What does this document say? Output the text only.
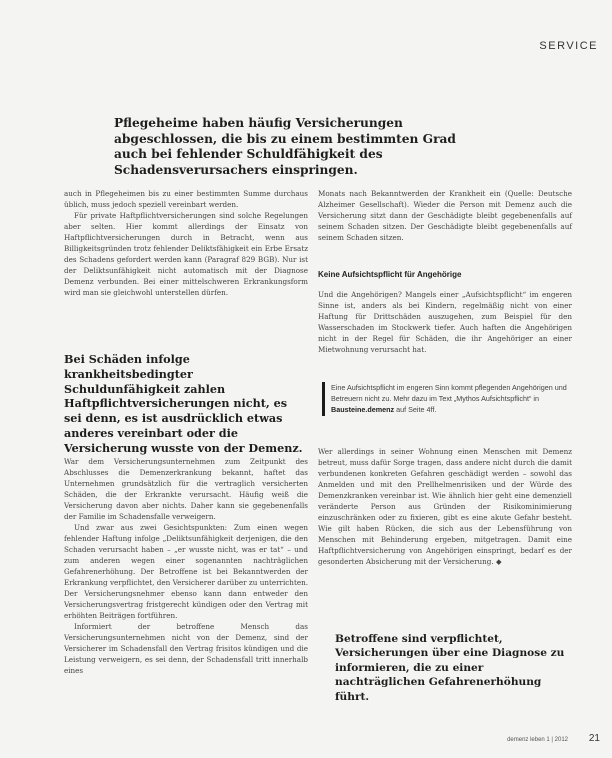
SERVICE
Pflegeheime haben häufig Versicherungen abgeschlossen, die bis zu einem bestimmten Grad auch bei fehlender Schuldfähigkeit des Schadensverursachers einspringen.

auch in Pflegeheimen bis zu einer bestimmten Summe durchaus üblich, muss jedoch speziell vereinbart werden.

Für private Haftpflichtversicherungen sind solche Regelungen aber selten. Hier kommt allerdings der Einsatz von Haftpflichtversicherungen durch in Betracht, wenn aus Billigkeitsgründen trotz fehlender Deliktsfähigkeit ein Erbe Ersatz des Schadens gefordert werden kann (Paragraf 829 BGB). Nur ist der Deliktsunfähigkeit nicht automatisch mit der Diagnose Demenz verbunden. Bei einer mittelschweren Erkrankungsform wird man sie gleichwohl unterstellen dürfen.

Bei Schäden infolge krankheitsbedingter Schuldunfähigkeit zahlen Haftpflichtversicherungen nicht, es sei denn, es ist ausdrücklich etwas anderes vereinbart oder die Versicherung wusste von der Demenz.

War dem Versicherungsunternehmen zum Zeitpunkt des Abschlusses die Demenzerkrankung bekannt, haftet das Unternehmen grundsätzlich für die vertraglich versicherten Schäden, die der Erkrankte verursacht. Häufig weiß die Versicherung davon aber nichts. Daher kann sie gegebenenfalls der Familie im Schadensfalle verweigern.

Und zwar aus zwei Gesichtspunkten: Zum einen wegen fehlender Haftung infolge „Deliktsunfähigkeit derjenigen, die den Schaden verursacht haben – „er wusste nicht, was er tat“ – und zum anderen wegen einer sogenannten nachträglichen Gefahrenerhöhung. Der Betroffene ist bei Bekanntwerden der Erkrankung verpflichtet, den Versicherer darüber zu unterrichten. Der Versicherungsnehmer ebenso kann dann entweder den Versicherungsvertrag fristgerecht kündigen oder den Vertrag mit erhöhten Beiträgen fortführen.

Informiert der betroffene Mensch das Versicherungsunternehmen nicht von der Demenz, sind der Versicherer im Schadensfall den Vertrag frisitos kündigen und die Leistung verweigern, es sei denn, der Schadensfall tritt innerhalb eines

Monats nach Bekanntwerden der Krankheit ein (Quelle: Deutsche Alzheimer Gesellschaft). Wieder die Person mit Demenz auch die Versicherung sitzt dann der Geschädigte bleibt gegebenenfalls auf seinem Schaden sitzen. Der Geschädigte bleibt gegebenenfalls auf seinem Schaden sitzen.

Keine Aufsichtspflicht für Angehörige

Und die Angehörigen? Mangels einer „Aufsichtspflicht“ im engeren Sinne ist, anders als bei Kindern, regelmäßig nicht von einer Haftung für Drittschäden auszugehen, zum Beispiel für den Wasserschaden im Stockwerk tiefer. Auch haften die Angehörigen nicht in der Regel für Schäden, die ihr Angehöriger an einer Mietwohnung verursacht hat.

Eine Aufsichtspflicht im engeren Sinn kommt pflegenden Angehörigen und Betreuern nicht zu. Mehr dazu im Text „Mythos Aufsichtspflicht“ in Bausteine.demenz auf Seite 4ff.

Wer allerdings in seiner Wohnung einen Menschen mit Demenz betreut, muss dafür Sorge tragen, dass andere nicht durch die damit verbundenen konkreten Gefahren geschädigt werden – sowohl das Anmelden und mit den Prellhelmenrisiken und der Würde des Demenzkranken vereinbar ist. Wie ähnlich hier geht eine demenziell veränderte Person aus Gründen der Risikominimierung einzuschränken oder zu fixieren, gibt es eine akute Gefahr besteht. Wie gilt haben Rücken, die sich aus der Lebensführung von Menschen mit Behinderung ergeben, mitgetragen. Damit eine Haftpflichtversicherung von Angehörigen einspringt, bedarf es der gesonderten Absicherung mit der Versicherung. ◆

Betroffene sind verpflichtet, Versicherungen über eine Diagnose zu informieren, die zu einer nachträglichen Gefahrenerhöhung führt.
demenz leben 1 | 2012 21
